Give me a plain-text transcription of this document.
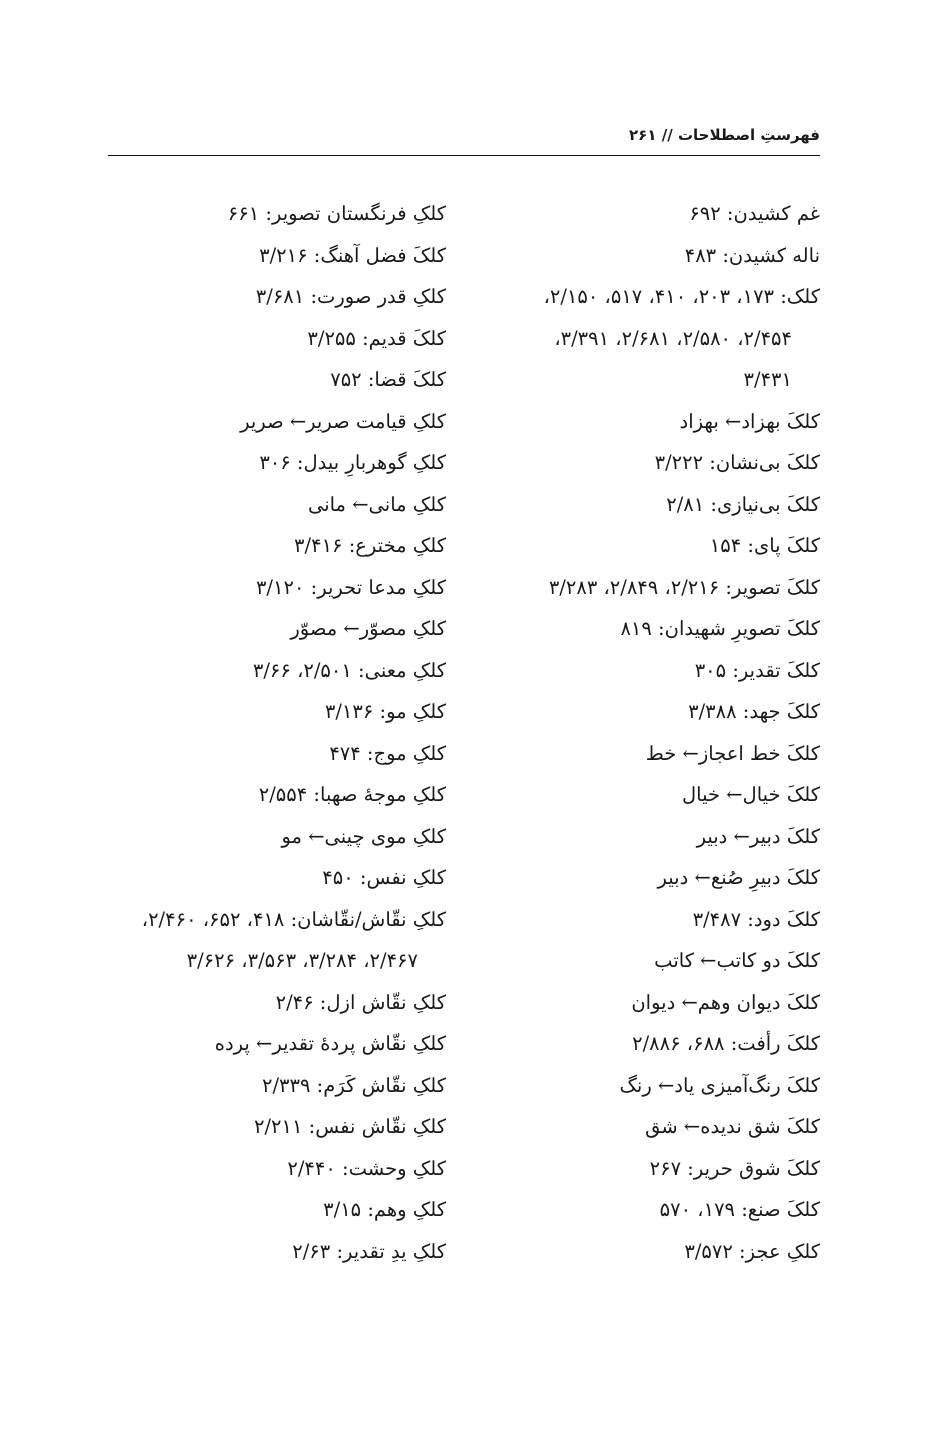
فهرستِ اصطلاحات // ۲۶۱
غم کشیدن: ۶۹۲
ناله کشیدن: ۴۸۳
کلک: ۱۷۳، ۲۰۳، ۴۱۰، ۵۱۷، ۲/۱۵۰،
۲/۴۵۴، ۲/۵۸۰، ۲/۶۸۱، ۳/۳۹۱،
۳/۴۳۱
کلکَ بهزاد← بهزاد
کلکَ بی‌نشان: ۳/۲۲۲
کلکَ بی‌نیازی: ۲/۸۱
کلکَ پای: ۱۵۴
کلکَ تصویر: ۲/۲۱۶، ۲/۸۴۹، ۳/۲۸۳
کلکَ تصویرِ شهیدان: ۸۱۹
کلکَ تقدیر: ۳۰۵
کلکَ جهد: ۳/۳۸۸
کلکَ خط اعجاز← خط
کلکَ خیال← خیال
کلکَ دبیر← دبیر
کلکَ دبیرِ صُنع← دبیر
کلکَ دود: ۳/۴۸۷
کلکَ دو کاتب← کاتب
کلکَ دیوان وهم← دیوان
کلکَ رأفت: ۶۸۸، ۲/۸۸۶
کلکَ رنگ‌آمیزی یاد← رنگ
کلکَ شق ندیده← شق
کلکَ شوق حریر: ۲۶۷
کلکَ صنع: ۱۷۹، ۵۷۰
کلکِ عجز: ۳/۵۷۲
کلکِ فرنگستان تصویر: ۶۶۱
کلکَ فضل آهنگ: ۳/۲۱۶
کلکِ قدر صورت: ۳/۶۸۱
کلکَ قدیم: ۳/۲۵۵
کلکَ قضا: ۷۵۲
کلکِ قیامت صریر← صریر
کلکِ گوهربارِ بیدل: ۳۰۶
کلکِ مانی← مانی
کلکِ مخترع: ۳/۴۱۶
کلکِ مدعا تحریر: ۳/۱۲۰
کلکِ مصوّر← مصوّر
کلکِ معنی: ۲/۵۰۱، ۳/۶۶
کلکِ مو: ۳/۱۳۶
کلکِ موج: ۴۷۴
کلکِ موجهٔ صهبا: ۲/۵۵۴
کلکِ موی چینی← مو
کلکِ نفس: ۴۵۰
کلکِ نقّاش/نقّاشان: ۴۱۸، ۶۵۲، ۲/۴۶۰،
۲/۴۶۷، ۳/۲۸۴، ۳/۵۶۳، ۳/۶۲۶
کلکِ نقّاش ازل: ۲/۴۶
کلکِ نقّاش پردهٔ تقدیر← پرده
کلکِ نقّاش کَرَم: ۲/۳۳۹
کلکِ نقّاش نفس: ۲/۲۱۱
کلکِ وحشت: ۲/۴۴۰
کلکِ وهم: ۳/۱۵
کلکِ یدِ تقدیر: ۲/۶۳
